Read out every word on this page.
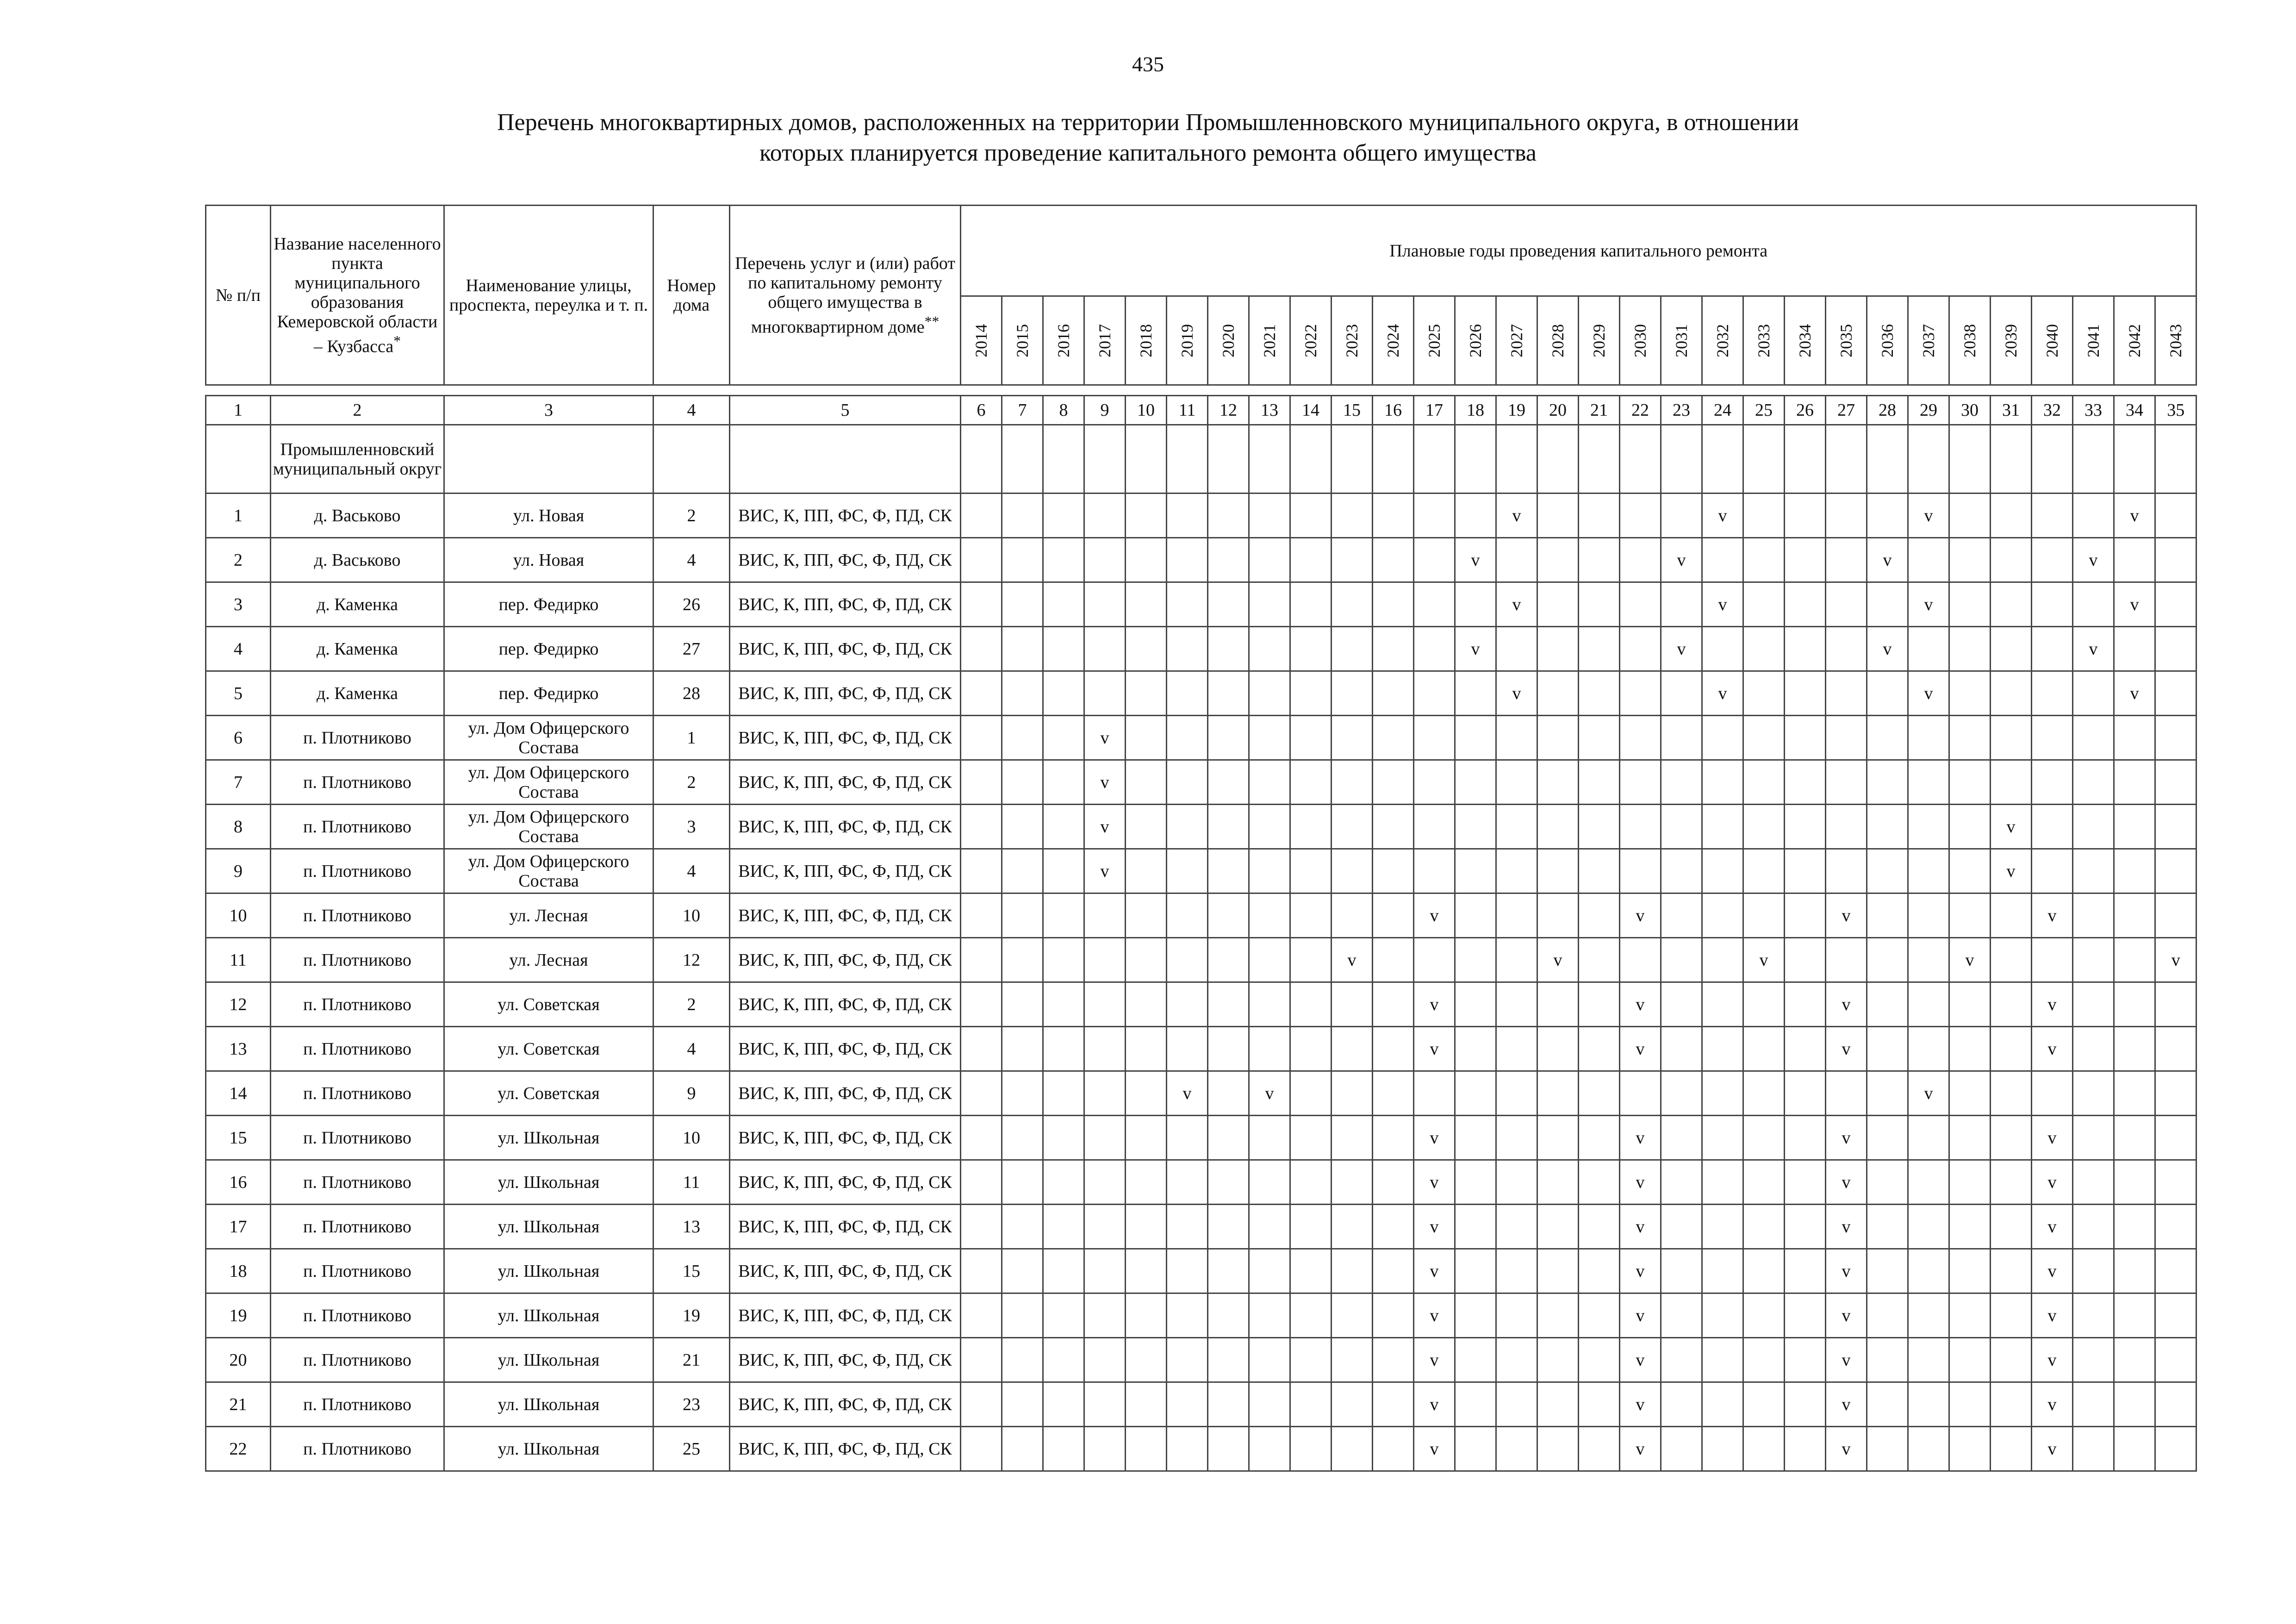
435
Перечень многоквартирных домов, расположенных на территории Промышленновского муниципального округа, в отношении
которых планируется проведение капитального ремонта общего имущества
№ п/п	Название населенного пункта муниципального образования Кемеровской области – Кузбасса*	Наименование улицы, проспекта, переулка и т. п.	Номер дома	Перечень услуг и (или) работ по капитальному ремонту общего имущества в многоквартирном доме**	Плановые годы проведения капитального ремонта																													
					2014	2015	2016	2017	2018	2019	2020	2021	2022	2023	2024	2025	2026	2027	2028	2029	2030	2031	2032	2033	2034	2035	2036	2037	2038	2039	2040	2041	2042	2043

1	2	3	4	5	6	7	8	9	10	11	12	13	14	15	16	17	18	19	20	21	22	23	24	25	26	27	28	29	30	31	32	33	34	35
	Промышленновский муниципальный округ																																	
1	д. Васьково	ул. Новая	2	ВИС, К, ПП, ФС, Ф, ПД, СК														v					v					v					v	
2	д. Васьково	ул. Новая	4	ВИС, К, ПП, ФС, Ф, ПД, СК													v					v					v					v		
3	д. Каменка	пер. Федирко	26	ВИС, К, ПП, ФС, Ф, ПД, СК														v					v					v					v	
4	д. Каменка	пер. Федирко	27	ВИС, К, ПП, ФС, Ф, ПД, СК													v					v					v					v		
5	д. Каменка	пер. Федирко	28	ВИС, К, ПП, ФС, Ф, ПД, СК														v					v					v					v	
6	п. Плотниково	ул. Дом Офицерского Состава	1	ВИС, К, ПП, ФС, Ф, ПД, СК				v																										
7	п. Плотниково	ул. Дом Офицерского Состава	2	ВИС, К, ПП, ФС, Ф, ПД, СК				v																										
8	п. Плотниково	ул. Дом Офицерского Состава	3	ВИС, К, ПП, ФС, Ф, ПД, СК				v																						v				
9	п. Плотниково	ул. Дом Офицерского Состава	4	ВИС, К, ПП, ФС, Ф, ПД, СК				v																						v				
10	п. Плотниково	ул. Лесная	10	ВИС, К, ПП, ФС, Ф, ПД, СК												v					v					v					v			
11	п. Плотниково	ул. Лесная	12	ВИС, К, ПП, ФС, Ф, ПД, СК										v					v					v					v					v
12	п. Плотниково	ул. Советская	2	ВИС, К, ПП, ФС, Ф, ПД, СК												v					v					v					v			
13	п. Плотниково	ул. Советская	4	ВИС, К, ПП, ФС, Ф, ПД, СК												v					v					v					v			
14	п. Плотниково	ул. Советская	9	ВИС, К, ПП, ФС, Ф, ПД, СК						v		v																v						
15	п. Плотниково	ул. Школьная	10	ВИС, К, ПП, ФС, Ф, ПД, СК												v					v					v					v			
16	п. Плотниково	ул. Школьная	11	ВИС, К, ПП, ФС, Ф, ПД, СК												v					v					v					v			
17	п. Плотниково	ул. Школьная	13	ВИС, К, ПП, ФС, Ф, ПД, СК												v					v					v					v			
18	п. Плотниково	ул. Школьная	15	ВИС, К, ПП, ФС, Ф, ПД, СК												v					v					v					v			
19	п. Плотниково	ул. Школьная	19	ВИС, К, ПП, ФС, Ф, ПД, СК												v					v					v					v			
20	п. Плотниково	ул. Школьная	21	ВИС, К, ПП, ФС, Ф, ПД, СК												v					v					v					v			
21	п. Плотниково	ул. Школьная	23	ВИС, К, ПП, ФС, Ф, ПД, СК												v					v					v					v			
22	п. Плотниково	ул. Школьная	25	ВИС, К, ПП, ФС, Ф, ПД, СК												v					v					v					v			
